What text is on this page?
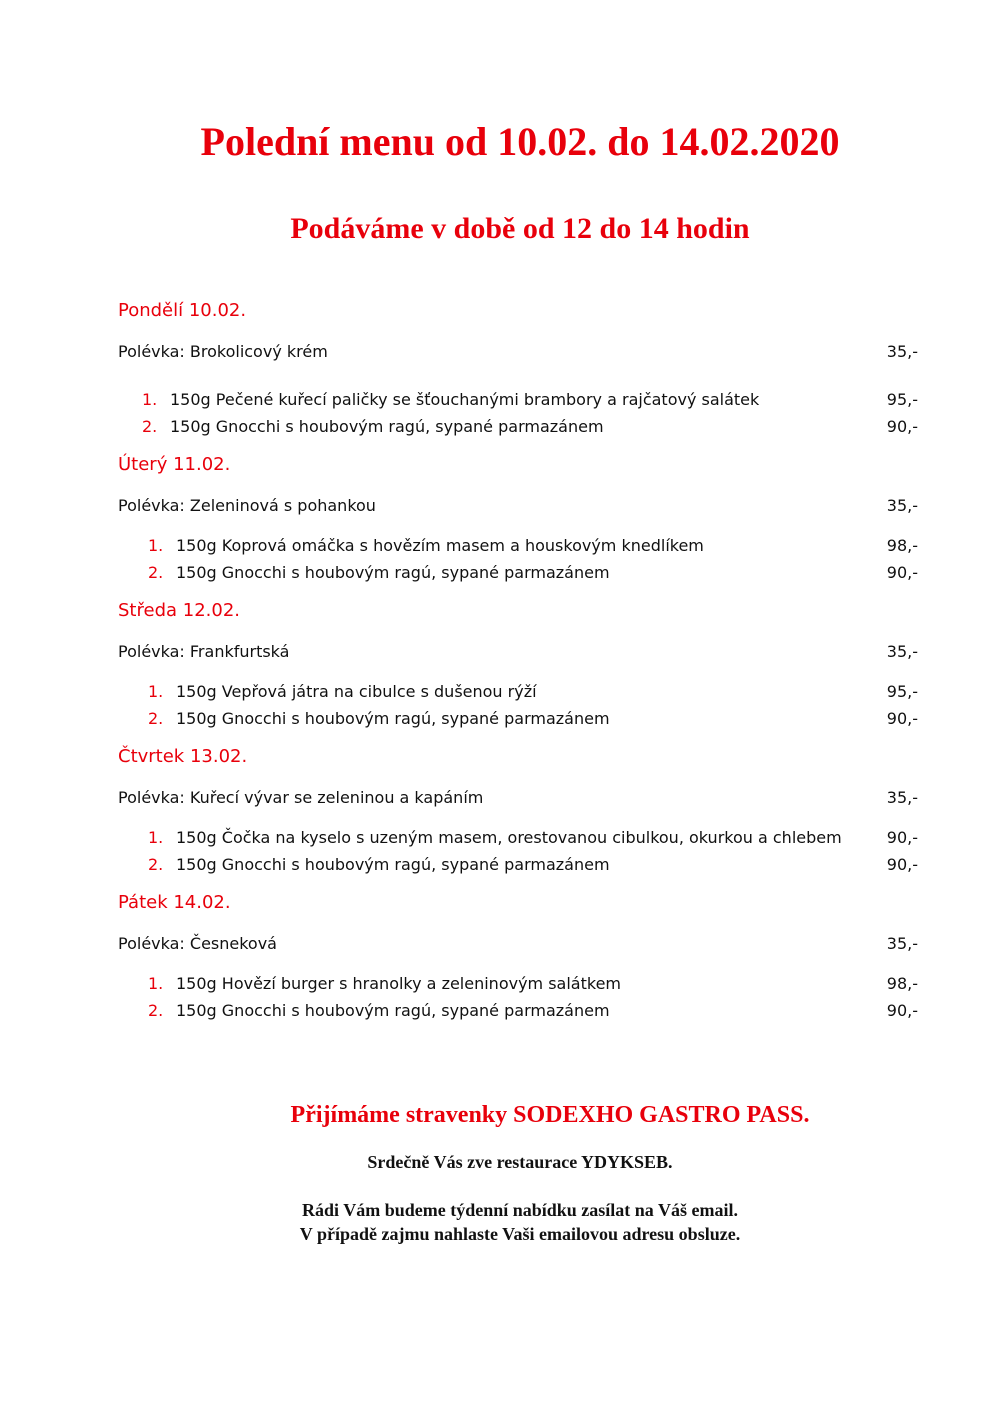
Polední menu od 10.02. do 14.02.2020
Podáváme v době od 12 do 14 hodin
Pondělí 10.02.
Polévka: Brokolicový krém	35,-
1. 150g Pečené kuřecí paličky se šťouchanými brambory a rajčatový salátek	95,-
2. 150g Gnocchi s houbovým ragú, sypané parmazánem	90,-
Úterý 11.02.
Polévka: Zeleninová s pohankou	35,-
1. 150g Koprová omáčka s hovězím masem a houskovým knedlíkem	98,-
2. 150g Gnocchi s houbovým ragú, sypané parmazánem	90,-
Středa 12.02.
Polévka: Frankfurtská	35,-
1. 150g Vepřová játra na cibulce s dušenou rýží	95,-
2. 150g Gnocchi s houbovým ragú, sypané parmazánem	90,-
Čtvrtek 13.02.
Polévka: Kuřecí vývar se zeleninou a kapáním	35,-
1. 150g Čočka na kyselo s uzeným masem, orestovanou cibulkou, okurkou a chlebem	90,-
2. 150g Gnocchi s houbovým ragú, sypané parmazánem	90,-
Pátek 14.02.
Polévka: Česneková	35,-
1. 150g Hovězí burger s hranolky a zeleninovým salátkem	98,-
2. 150g Gnocchi s houbovým ragú, sypané parmazánem	90,-
Přijímáme stravenky SODEXHO GASTRO PASS.
Srdečně Vás zve restaurace YDYKSEB.
Rádi Vám budeme týdenní nabídku zasílat na Váš email.
V případě zajmu nahlaste Vaši emailovou adresu obsluze.
